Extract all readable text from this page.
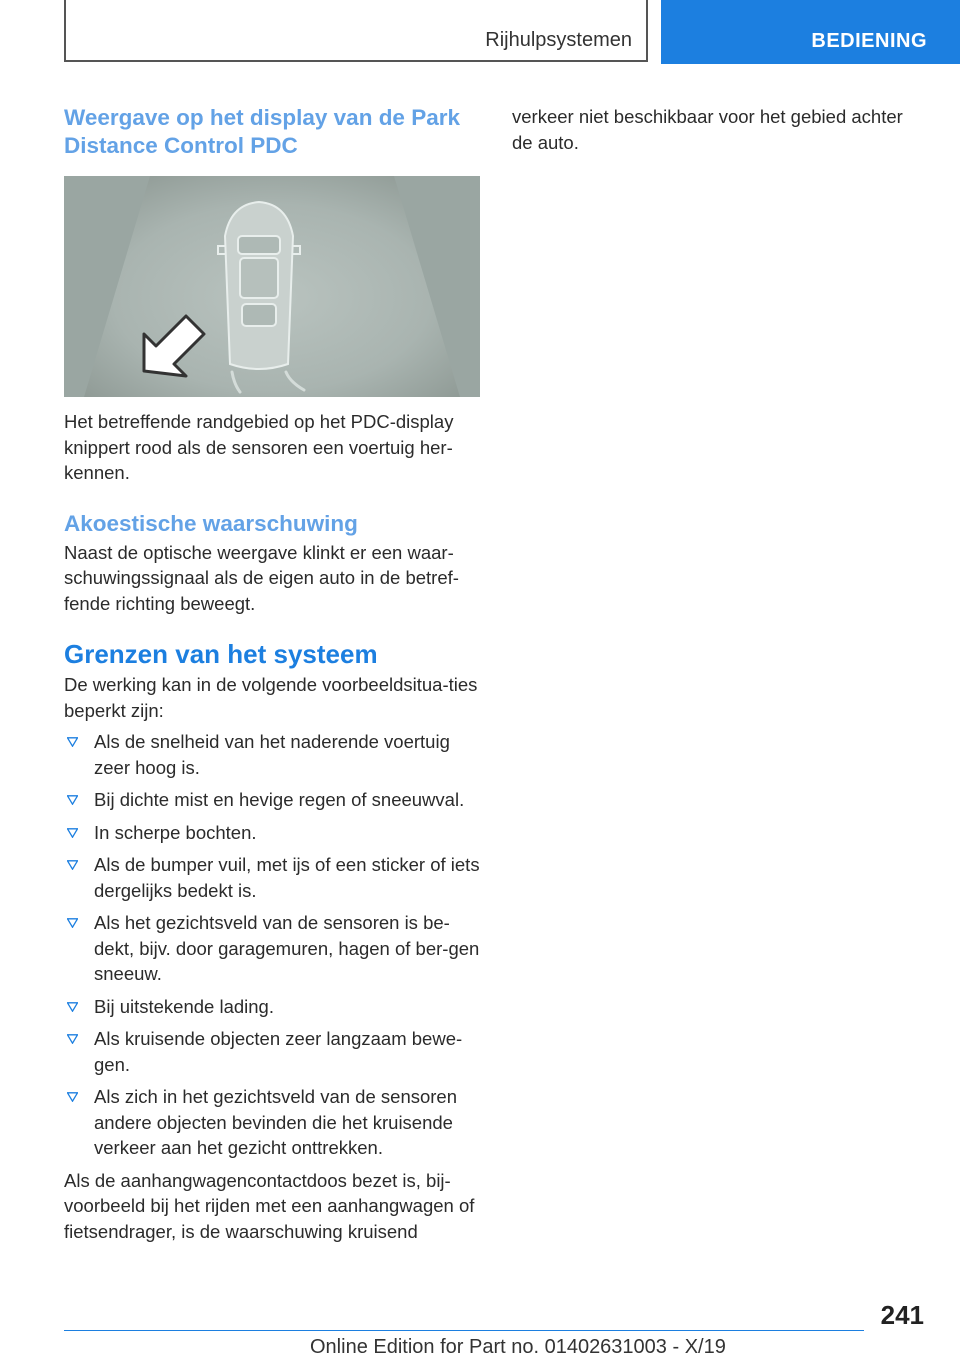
Rijhulpsystemen	BEDIENING
Weergave op het display van de Park Distance Control PDC

Het betreffende randgebied op het PDC-display knippert rood als de sensoren een voertuig her-kennen.

Akoestische waarschuwing

Naast de optische weergave klinkt er een waar-schuwingssignaal als de eigen auto in de betref-fende richting beweegt.

Grenzen van het systeem

De werking kan in de volgende voorbeeldsitua-ties beperkt zijn:

Als de snelheid van het naderende voertuig zeer hoog is.
Bij dichte mist en hevige regen of sneeuwval.
In scherpe bochten.
Als de bumper vuil, met ijs of een sticker of iets dergelijks bedekt is.
Als het gezichtsveld van de sensoren is be-dekt, bijv. door garagemuren, hagen of ber-gen sneeuw.
Bij uitstekende lading.
Als kruisende objecten zeer langzaam bewe-gen.
Als zich in het gezichtsveld van de sensoren andere objecten bevinden die het kruisende verkeer aan het gezicht onttrekken.

Als de aanhangwagencontactdoos bezet is, bij-voorbeeld bij het rijden met een aanhangwagen of fietsendrager, is de waarschuwing kruisend

verkeer niet beschikbaar voor het gebied achter de auto.

241
Online Edition for Part no. 01402631003 - X/19
